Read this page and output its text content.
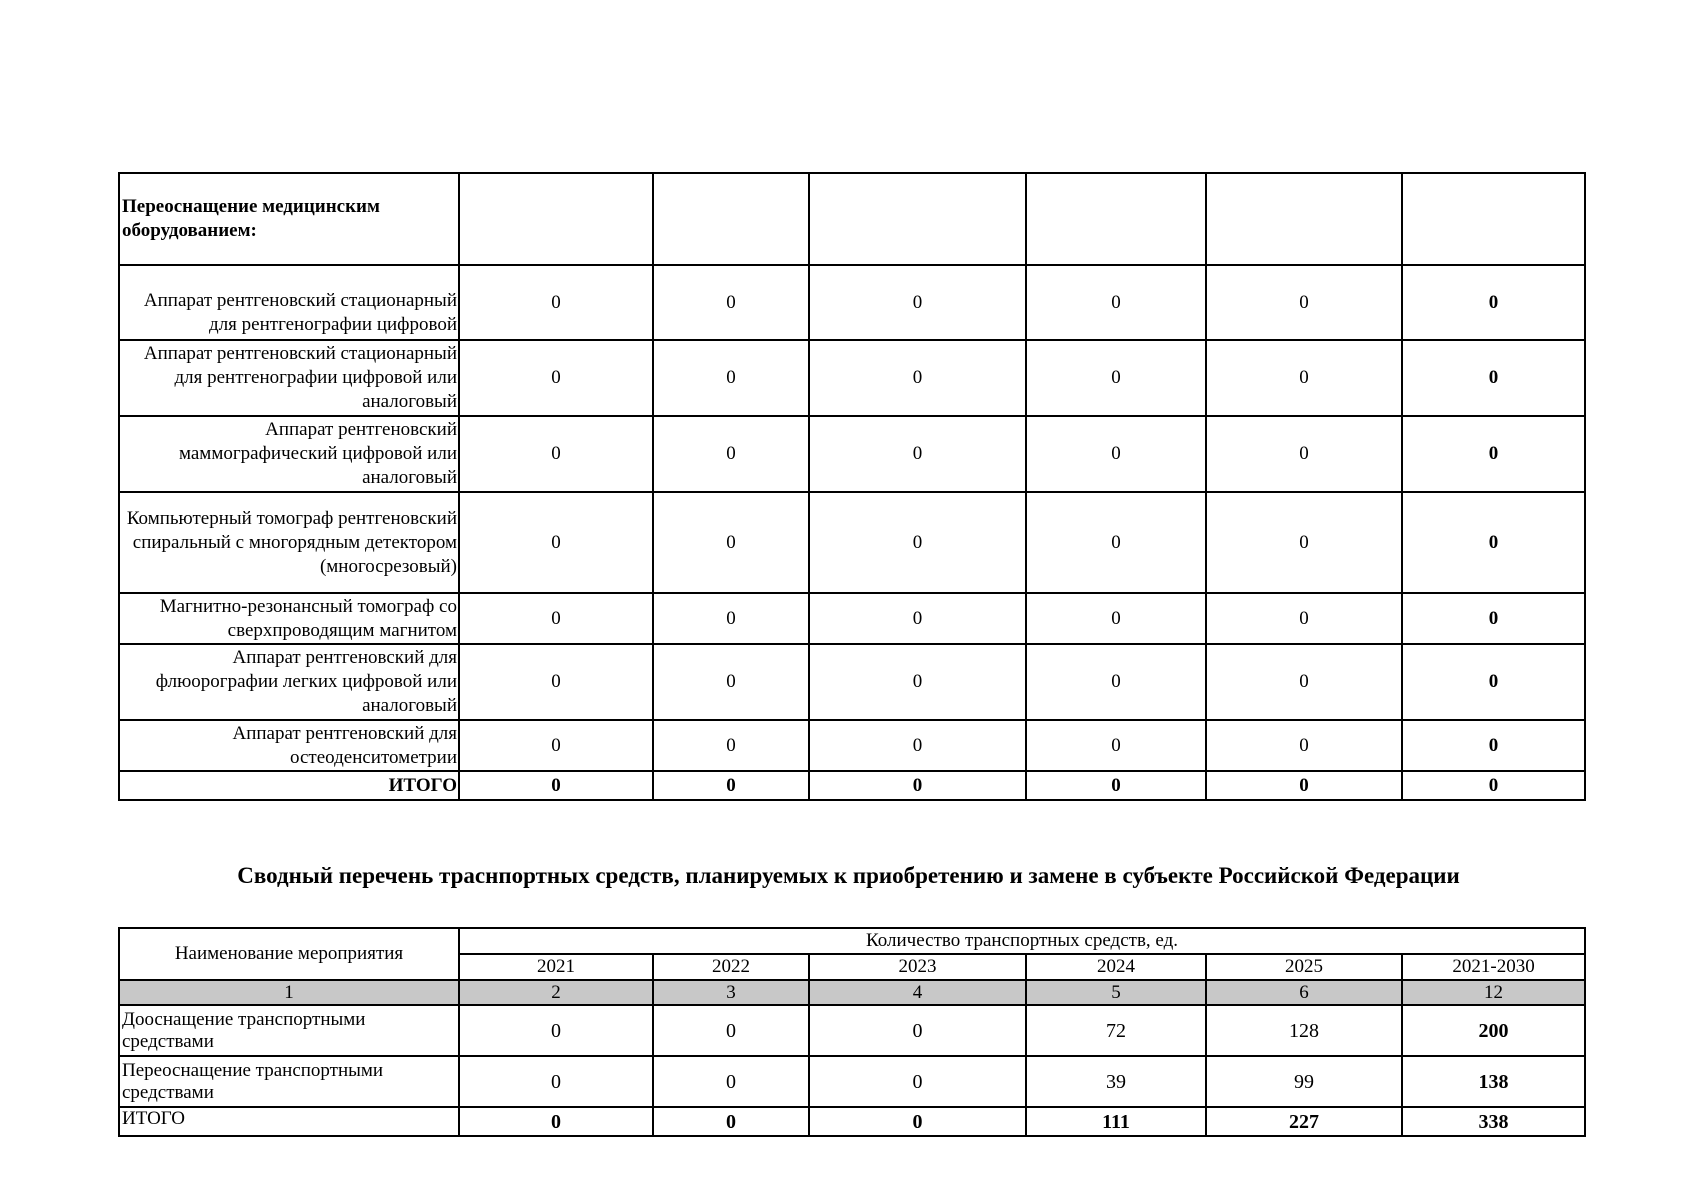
Переоснащение медицинским оборудованием:						
Аппарат рентгеновский стационарный для рентгенографии цифровой	0	0	0	0	0	0
Аппарат рентгеновский стационарный для рентгенографии цифровой или аналоговый	0	0	0	0	0	0
Аппарат рентгеновский маммографический цифровой или аналоговый	0	0	0	0	0	0
Компьютерный томограф рентгеновский спиральный с многорядным детектором (многосрезовый)	0	0	0	0	0	0
Магнитно-резонансный томограф со сверхпроводящим магнитом	0	0	0	0	0	0
Аппарат рентгеновский для флюорографии легких цифровой или аналоговый	0	0	0	0	0	0
Аппарат рентгеновский для остеоденситометрии	0	0	0	0	0	0
ИТОГО	0	0	0	0	0	0
Сводный перечень траснпортных средств, планируемых к приобретению и замене в субъекте Российской Федерации
Наименование мероприятия	Количество транспортных средств, ед.					
	2021	2022	2023	2024	2025	2021-2030
1	2	3	4	5	6	12
Дооснащение транспортными средствами	0	0	0	72	128	200
Переоснащение транспортными средствами	0	0	0	39	99	138
ИТОГО	0	0	0	111	227	338
